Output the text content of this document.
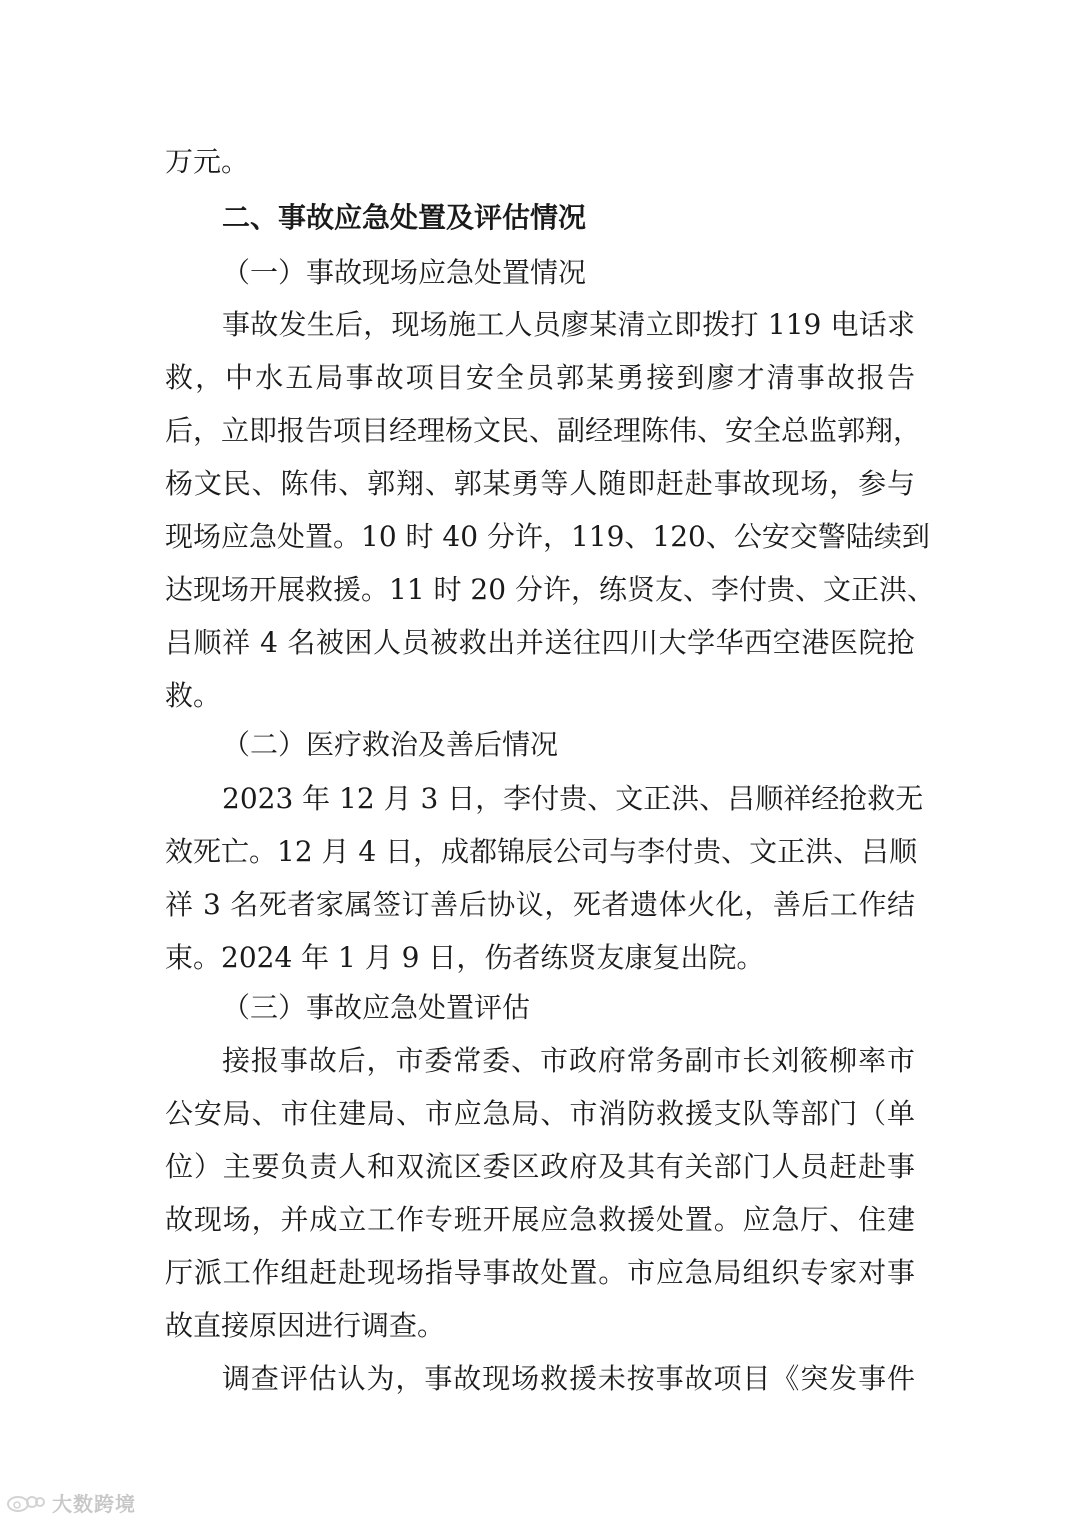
万元。
二、事故应急处置及评估情况
（一）事故现场应急处置情况
事故发生后，现场施工人员廖某清立即拨打 119 电话求
救，中水五局事故项目安全员郭某勇接到廖才清事故报告
后，立即报告项目经理杨文民、副经理陈伟、安全总监郭翔，
杨文民、陈伟、郭翔、郭某勇等人随即赶赴事故现场，参与
现场应急处置。10 时 40 分许，119、120、公安交警陆续到
达现场开展救援。11 时 20 分许，练贤友、李付贵、文正洪、
吕顺祥 4 名被困人员被救出并送往四川大学华西空港医院抢
救。
（二）医疗救治及善后情况
2023 年 12 月 3 日，李付贵、文正洪、吕顺祥经抢救无
效死亡。12 月 4 日，成都锦辰公司与李付贵、文正洪、吕顺
祥 3 名死者家属签订善后协议，死者遗体火化，善后工作结
束。2024 年 1 月 9 日，伤者练贤友康复出院。
（三）事故应急处置评估
接报事故后，市委常委、市政府常务副市长刘筱柳率市
公安局、市住建局、市应急局、市消防救援支队等部门（单
位）主要负责人和双流区委区政府及其有关部门人员赶赴事
故现场，并成立工作专班开展应急救援处置。应急厅、住建
厅派工作组赶赴现场指导事故处置。市应急局组织专家对事
故直接原因进行调查。
调查评估认为，事故现场救援未按事故项目《突发事件
大数跨境
